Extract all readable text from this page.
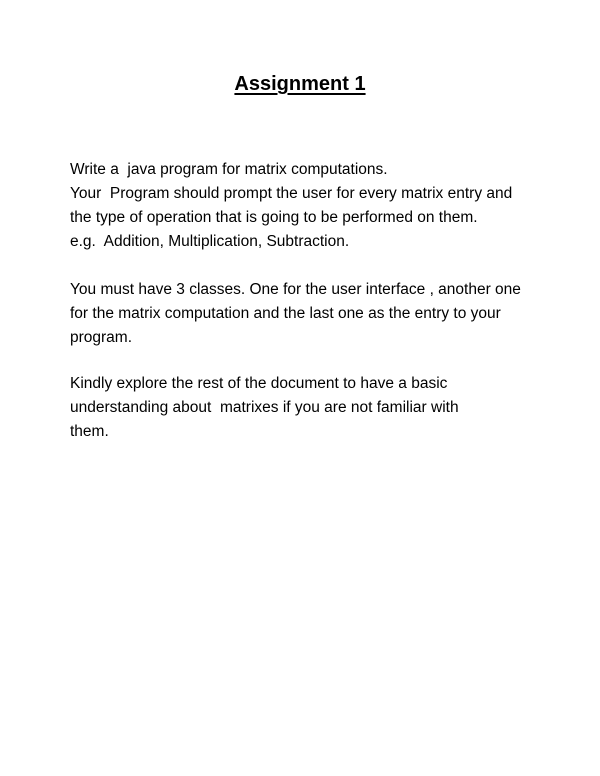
Assignment 1

Write a  java program for matrix computations.
Your  Program should prompt the user for every matrix entry and
the type of operation that is going to be performed on them.
e.g.  Addition, Multiplication, Subtraction.

You must have 3 classes. One for the user interface , another one
for the matrix computation and the last one as the entry to your
program.

Kindly explore the rest of the document to have a basic
understanding about  matrixes if you are not familiar with
them.
